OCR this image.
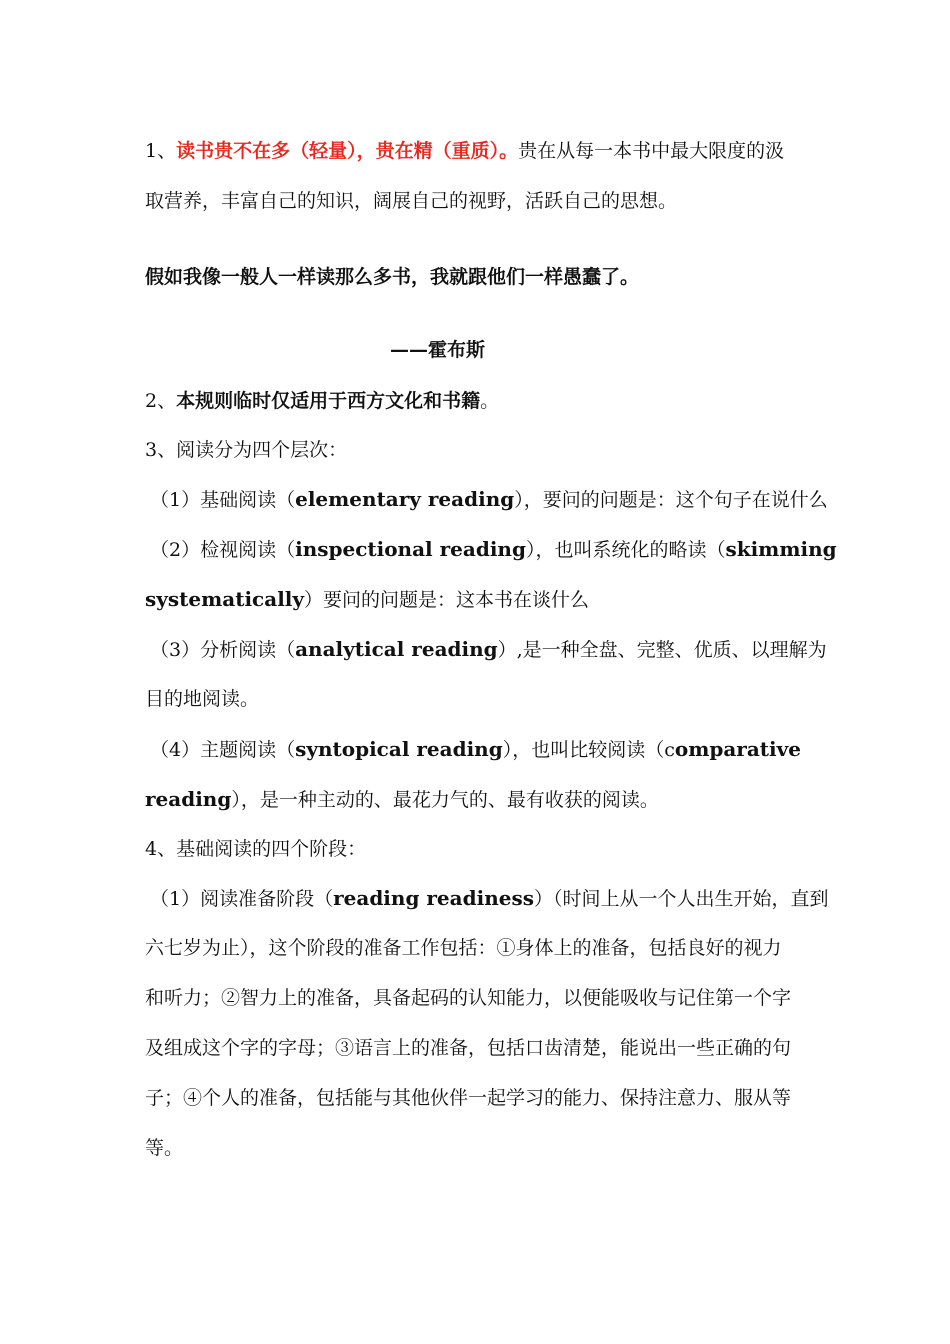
1、读书贵不在多（轻量），贵在精（重质）。贵在从每一本书中最大限度的汲
取营养，丰富自己的知识，阔展自己的视野，活跃自己的思想。
假如我像一般人一样读那么多书，我就跟他们一样愚蠢了。
——霍布斯
2、本规则临时仅适用于西方文化和书籍。
3、阅读分为四个层次：
（1）基础阅读（elementary reading），要问的问题是：这个句子在说什么
（2）检视阅读（inspectional reading），也叫系统化的略读（skimming
systematically）要问的问题是：这本书在谈什么
（3）分析阅读（analytical reading）,是一种全盘、完整、优质、以理解为
目的地阅读。
（4）主题阅读（syntopical reading），也叫比较阅读（comparative
reading），是一种主动的、最花力气的、最有收获的阅读。
4、基础阅读的四个阶段：
（1）阅读准备阶段（reading readiness）（时间上从一个人出生开始，直到
六七岁为止），这个阶段的准备工作包括：①身体上的准备，包括良好的视力
和听力；②智力上的准备，具备起码的认知能力，以便能吸收与记住第一个字
及组成这个字的字母；③语言上的准备，包括口齿清楚，能说出一些正确的句
子；④个人的准备，包括能与其他伙伴一起学习的能力、保持注意力、服从等
等。
